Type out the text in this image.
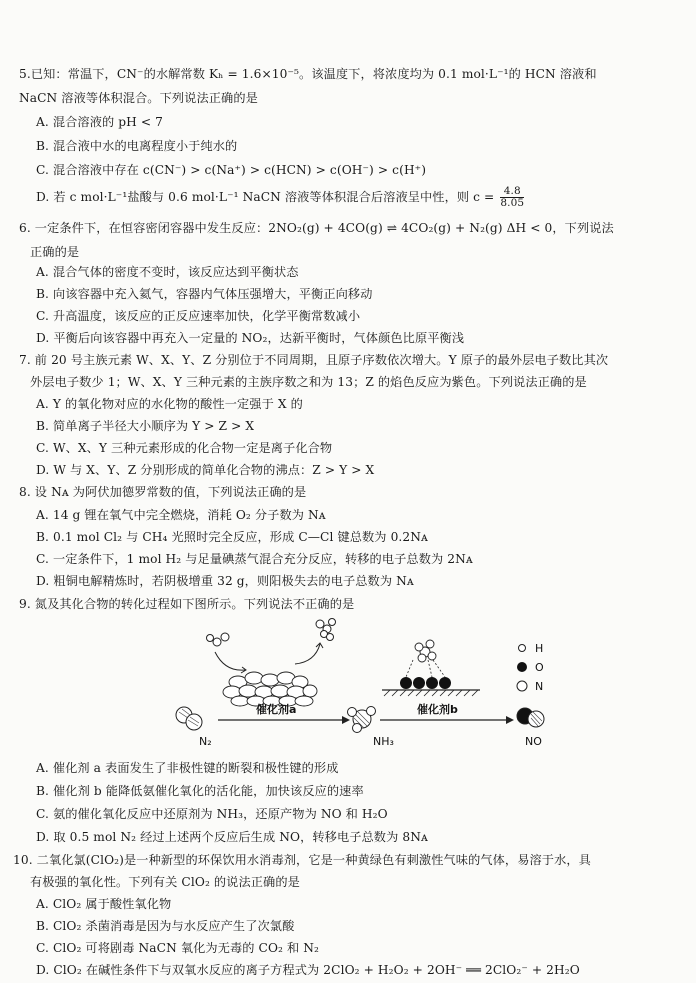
5.已知：常温下，CN⁻的水解常数 Kₕ = 1.6×10⁻⁵。该温度下，将浓度均为 0.1 mol·L⁻¹的 HCN 溶液和
NaCN 溶液等体积混合。下列说法正确的是
A. 混合溶液的 pH < 7
B. 混合液中水的电离程度小于纯水的
C. 混合溶液中存在 c(CN⁻) > c(Na⁺) > c(HCN) > c(OH⁻) > c(H⁺)
D. 若 c mol·L⁻¹盐酸与 0.6 mol·L⁻¹ NaCN 溶液等体积混合后溶液呈中性，则 $c = \frac{4.8}{8.05}$
6. 一定条件下，在恒容密闭容器中发生反应：2NO₂(g) + 4CO(g) ⇌ 4CO₂(g) + N₂(g) ΔH < 0，下列说法
正确的是
A. 混合气体的密度不变时，该反应达到平衡状态
B. 向该容器中充入氦气，容器内气体压强增大，平衡正向移动
C. 升高温度，该反应的正反应速率加快，化学平衡常数减小
D. 平衡后向该容器中再充入一定量的 NO₂，达新平衡时，气体颜色比原平衡浅
7. 前 20 号主族元素 W、X、Y、Z 分别位于不同周期，且原子序数依次增大。Y 原子的最外层电子数比其次
外层电子数少 1；W、X、Y 三种元素的主族序数之和为 13；Z 的焰色反应为紫色。下列说法正确的是
A. Y 的氧化物对应的水化物的酸性一定强于 X 的
B. 简单离子半径大小顺序为 Y > Z > X
C. W、X、Y 三种元素形成的化合物一定是离子化合物
D. W 与 X、Y、Z 分别形成的简单化合物的沸点：Z > Y > X
8. 设 Nᴀ 为阿伏加德罗常数的值，下列说法正确的是
A. 14 g 锂在氧气中完全燃烧，消耗 O₂ 分子数为 Nᴀ
B. 0.1 mol Cl₂ 与 CH₄ 光照时完全反应，形成 C—Cl 键总数为 0.2Nᴀ
C. 一定条件下，1 mol H₂ 与足量碘蒸气混合充分反应，转移的电子总数为 2Nᴀ
D. 粗铜电解精炼时，若阴极增重 32 g，则阳极失去的电子总数为 Nᴀ
9. 氮及其化合物的转化过程如下图所示。下列说法不正确的是
N₂
催化剂a
NH₃
催化剂b
NO
H
O
N
A. 催化剂 a 表面发生了非极性键的断裂和极性键的形成
B. 催化剂 b 能降低氨催化氧化的活化能，加快该反应的速率
C. 氨的催化氧化反应中还原剂为 NH₃，还原产物为 NO 和 H₂O
D. 取 0.5 mol N₂ 经过上述两个反应后生成 NO，转移电子总数为 8Nᴀ
10. 二氧化氯(ClO₂)是一种新型的环保饮用水消毒剂，它是一种黄绿色有刺激性气味的气体，易溶于水，具
有极强的氧化性。下列有关 ClO₂ 的说法正确的是
A. ClO₂ 属于酸性氧化物
B. ClO₂ 杀菌消毒是因为与水反应产生了次氯酸
C. ClO₂ 可将剧毒 NaCN 氧化为无毒的 CO₂ 和 N₂
D. ClO₂ 在碱性条件下与双氧水反应的离子方程式为 2ClO₂ + H₂O₂ + 2OH⁻ ══ 2ClO₂⁻ + 2H₂O
